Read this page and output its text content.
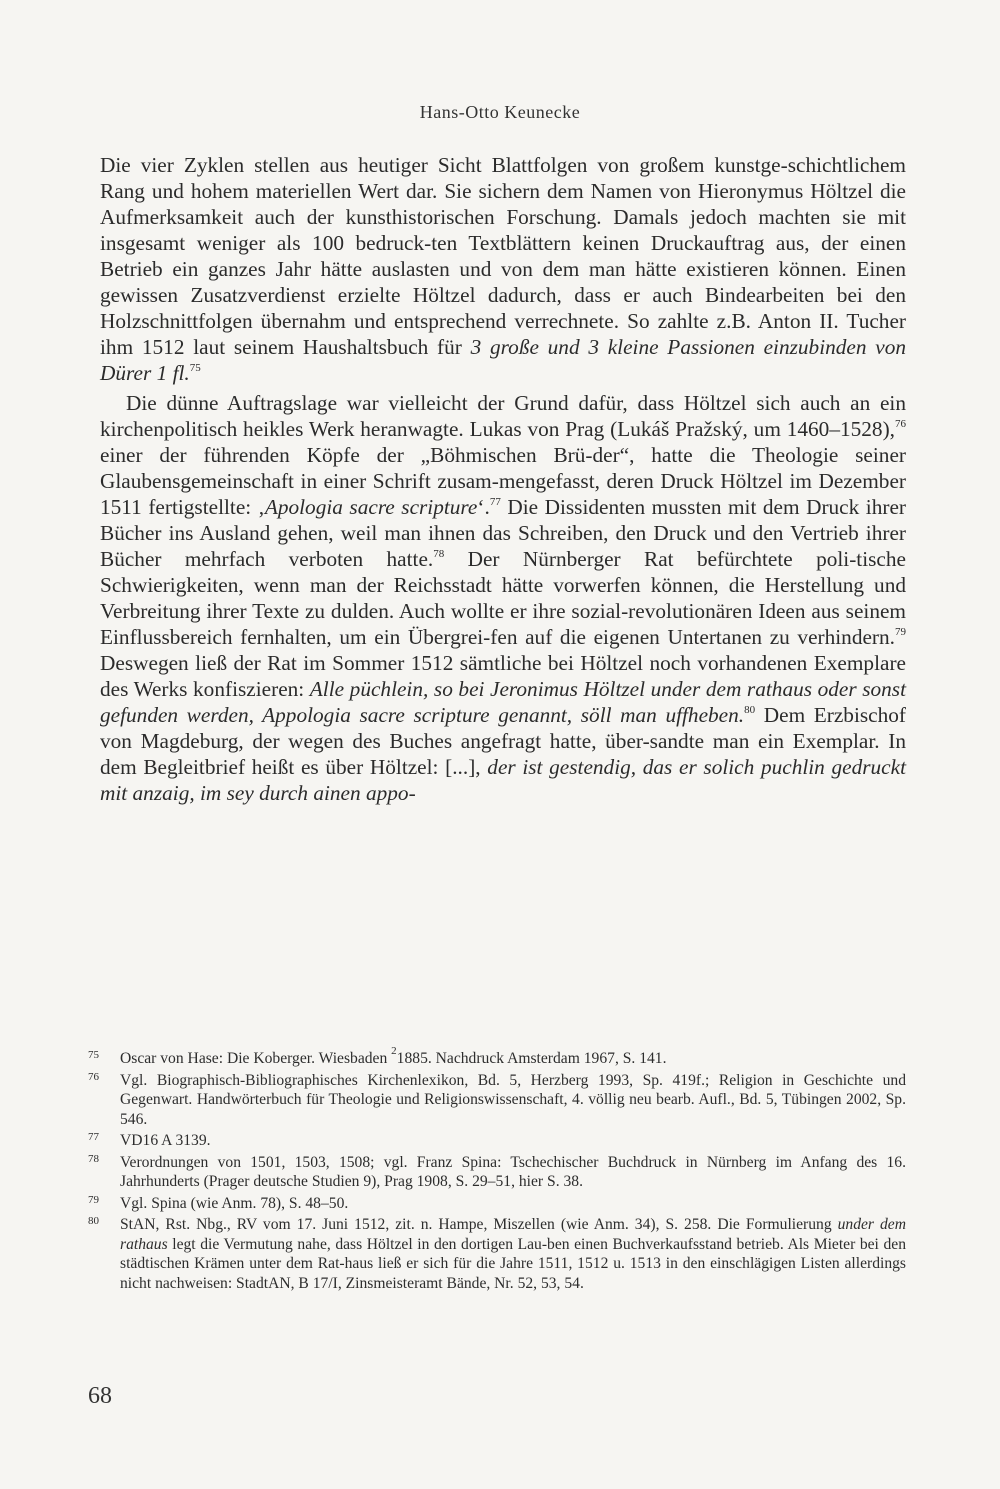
Hans-Otto Keunecke

Die vier Zyklen stellen aus heutiger Sicht Blattfolgen von großem kunstge-schichtlichem Rang und hohem materiellen Wert dar. Sie sichern dem Namen von Hieronymus Höltzel die Aufmerksamkeit auch der kunsthistorischen Forschung. Damals jedoch machten sie mit insgesamt weniger als 100 bedruck-ten Textblättern keinen Druckauftrag aus, der einen Betrieb ein ganzes Jahr hätte auslasten und von dem man hätte existieren können. Einen gewissen Zusatzverdienst erzielte Höltzel dadurch, dass er auch Bindearbeiten bei den Holzschnittfolgen übernahm und entsprechend verrechnete. So zahlte z.B. Anton II. Tucher ihm 1512 laut seinem Haushaltsbuch für 3 große und 3 kleine Passionen einzubinden von Dürer 1 fl.$^{75}$

Die dünne Auftragslage war vielleicht der Grund dafür, dass Höltzel sich auch an ein kirchenpolitisch heikles Werk heranwagte. Lukas von Prag (Lukáš Pražský, um 1460–1528),$^{76}$ einer der führenden Köpfe der „Böhmischen Brü-der“, hatte die Theologie seiner Glaubensgemeinschaft in einer Schrift zusam-mengefasst, deren Druck Höltzel im Dezember 1511 fertigstellte: ‚Apologia sacre scripture‘.$^{77}$ Die Dissidenten mussten mit dem Druck ihrer Bücher ins Ausland gehen, weil man ihnen das Schreiben, den Druck und den Vertrieb ihrer Bücher mehrfach verboten hatte.$^{78}$ Der Nürnberger Rat befürchtete poli-tische Schwierigkeiten, wenn man der Reichsstadt hätte vorwerfen können, die Herstellung und Verbreitung ihrer Texte zu dulden. Auch wollte er ihre sozial-revolutionären Ideen aus seinem Einflussbereich fernhalten, um ein Übergrei-fen auf die eigenen Untertanen zu verhindern.$^{79}$ Deswegen ließ der Rat im Sommer 1512 sämtliche bei Höltzel noch vorhandenen Exemplare des Werks konfiszieren: Alle püchlein, so bei Jeronimus Höltzel under dem rathaus oder sonst gefunden werden, Appologia sacre scripture genannt, söll man uffheben.$^{80}$ Dem Erzbischof von Magdeburg, der wegen des Buches angefragt hatte, über-sandte man ein Exemplar. In dem Begleitbrief heißt es über Höltzel: [...], der ist gestendig, das er solich puchlin gedruckt mit anzaig, im sey durch ainen appo-

75	Oscar von Hase: Die Koberger. Wiesbaden $^2$1885. Nachdruck Amsterdam 1967, S. 141.
76	Vgl. Biographisch-Bibliographisches Kirchenlexikon, Bd. 5, Herzberg 1993, Sp. 419f.; Religion in Geschichte und Gegenwart. Handwörterbuch für Theologie und Religionswissenschaft, 4. völlig neu bearb. Aufl., Bd. 5, Tübingen 2002, Sp. 546.
77	VD16 A 3139.
78	Verordnungen von 1501, 1503, 1508; vgl. Franz Spina: Tschechischer Buchdruck in Nürnberg im Anfang des 16. Jahrhunderts (Prager deutsche Studien 9), Prag 1908, S. 29–51, hier S. 38.
79	Vgl. Spina (wie Anm. 78), S. 48–50.
80	StAN, Rst. Nbg., RV vom 17. Juni 1512, zit. n. Hampe, Miszellen (wie Anm. 34), S. 258. Die Formulierung under dem rathaus legt die Vermutung nahe, dass Höltzel in den dortigen Lau-ben einen Buchverkaufsstand betrieb. Als Mieter bei den städtischen Krämen unter dem Rat-haus ließ er sich für die Jahre 1511, 1512 u. 1513 in den einschlägigen Listen allerdings nicht nachweisen: StadtAN, B 17/I, Zinsmeisteramt Bände, Nr. 52, 53, 54.
68
